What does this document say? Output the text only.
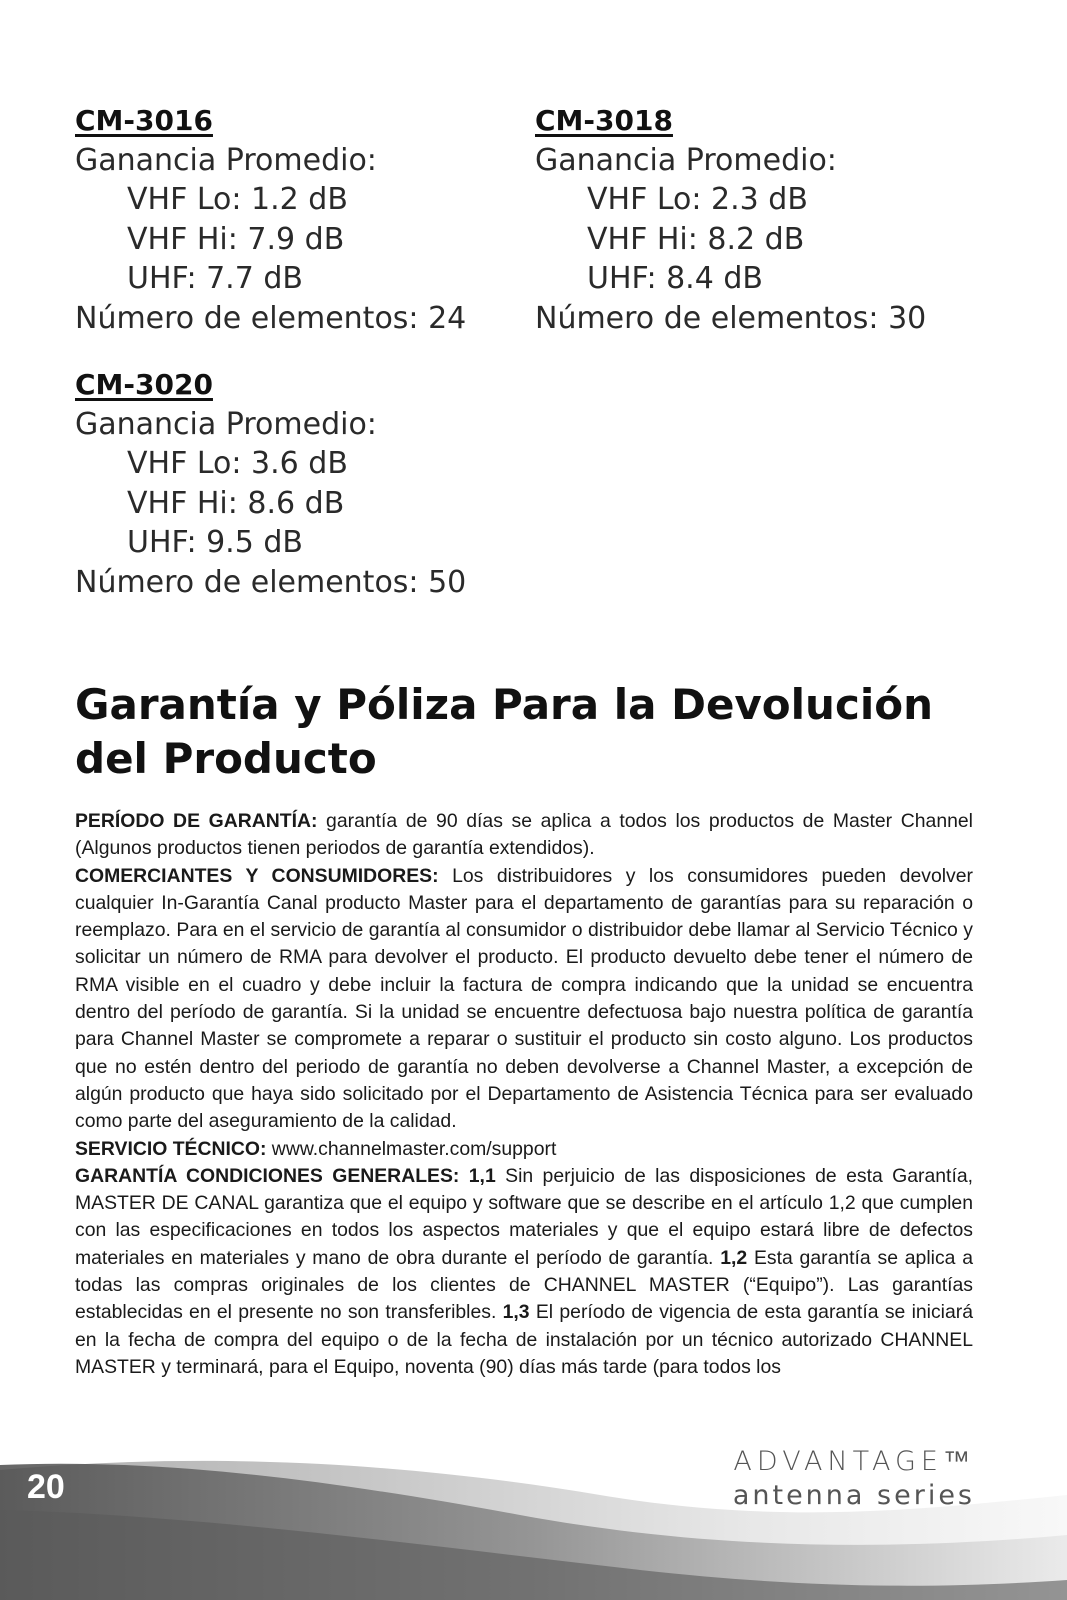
CM-3016
Ganancia Promedio:
VHF Lo: 1.2 dB
VHF Hi: 7.9 dB
UHF: 7.7 dB
Número de elementos: 24
CM-3018
Ganancia Promedio:
VHF Lo: 2.3 dB
VHF Hi: 8.2 dB
UHF: 8.4 dB
Número de elementos: 30
CM-3020
Ganancia Promedio:
VHF Lo: 3.6 dB
VHF Hi: 8.6 dB
UHF: 9.5 dB
Número de elementos: 50
Garantía y Póliza Para la Devolución
del Producto

PERÍODO DE GARANTÍA: garantía de 90 días se aplica a todos los productos de Master Channel (Algunos productos tienen periodos de garantía extendidos).

COMERCIANTES Y CONSUMIDORES: Los distribuidores y los consumidores pueden devolver cualquier In-Garantía Canal producto Master para el departamento de garantías para su reparación o reemplazo. Para en el servicio de garantía al consumidor o distribuidor debe llamar al Servicio Técnico y solicitar un número de RMA para devolver el producto. El producto devuelto debe tener el número de RMA visible en el cuadro y debe incluir la factura de compra indicando que la unidad se encuentra dentro del período de garantía. Si la unidad se encuentre defectuosa bajo nuestra política de garantía para Channel Master se compromete a reparar o sustituir el producto sin costo alguno. Los productos que no estén dentro del periodo de garantía no deben devolverse a Channel Master, a excepción de algún producto que haya sido solicitado por el Departamento de Asistencia Técnica para ser evaluado como parte del aseguramiento de la calidad.

SERVICIO TÉCNICO: www.channelmaster.com/support

GARANTÍA CONDICIONES GENERALES: 1,1 Sin perjuicio de las disposiciones de esta Garantía, MASTER DE CANAL garantiza que el equipo y software que se describe en el artículo 1,2 que cumplen con las especificaciones en todos los aspectos materiales y que el equipo estará libre de defectos materiales en materiales y mano de obra durante el período de garantía. 1,2 Esta garantía se aplica a todas las compras originales de los clientes de CHANNEL MASTER (“Equipo”). Las garantías establecidas en el presente no son transferibles. 1,3 El período de vigencia de esta garantía se iniciará en la fecha de compra del equipo o de la fecha de instalación por un técnico autorizado CHANNEL MASTER y terminará, para el Equipo, noventa (90) días más tarde (para todos los

20
ADVANTAGE™
antenna series
